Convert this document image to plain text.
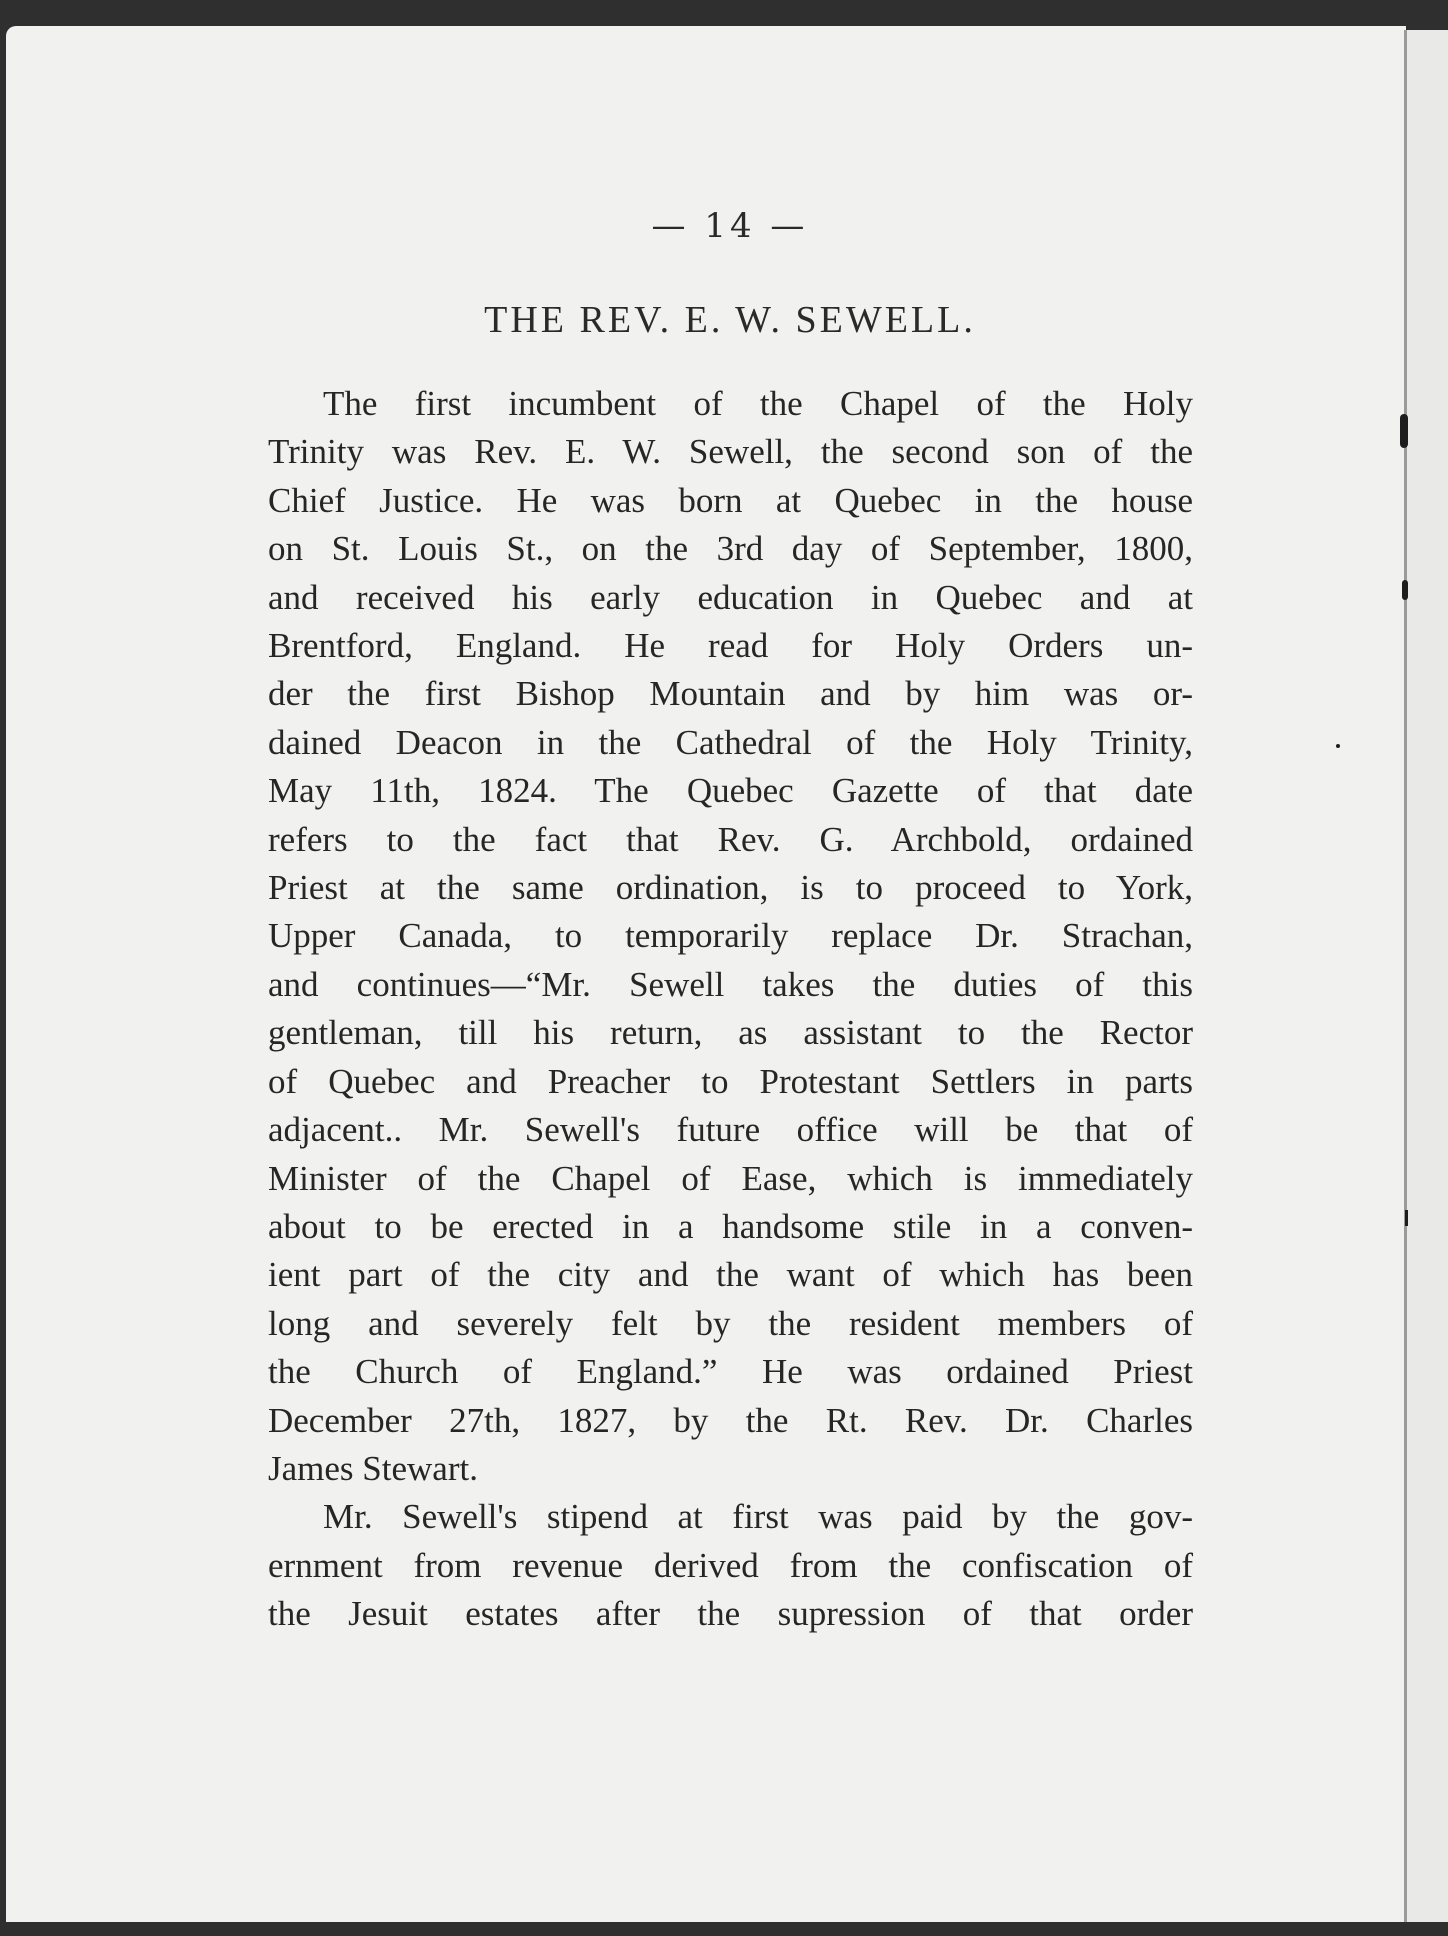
— 14 —
THE REV. E. W. SEWELL.
The first incumbent of the Chapel of the Holy
Trinity was Rev. E. W. Sewell, the second son of the
Chief Justice. He was born at Quebec in the house
on St. Louis St., on the 3rd day of September, 1800,
and received his early education in Quebec and at
Brentford, England. He read for Holy Orders un-
der the first Bishop Mountain and by him was or-
dained Deacon in the Cathedral of the Holy Trinity,
May 11th, 1824. The Quebec Gazette of that date
refers to the fact that Rev. G. Archbold, ordained
Priest at the same ordination, is to proceed to York,
Upper Canada, to temporarily replace Dr. Strachan,
and continues—“Mr. Sewell takes the duties of this
gentleman, till his return, as assistant to the Rector
of Quebec and Preacher to Protestant Settlers in parts
adjacent.. Mr. Sewell's future office will be that of
Minister of the Chapel of Ease, which is immediately
about to be erected in a handsome stile in a conven-
ient part of the city and the want of which has been
long and severely felt by the resident members of
the Church of England.” He was ordained Priest
December 27th, 1827, by the Rt. Rev. Dr. Charles
James Stewart.
Mr. Sewell's stipend at first was paid by the gov-
ernment from revenue derived from the confiscation of
the Jesuit estates after the supression of that order
